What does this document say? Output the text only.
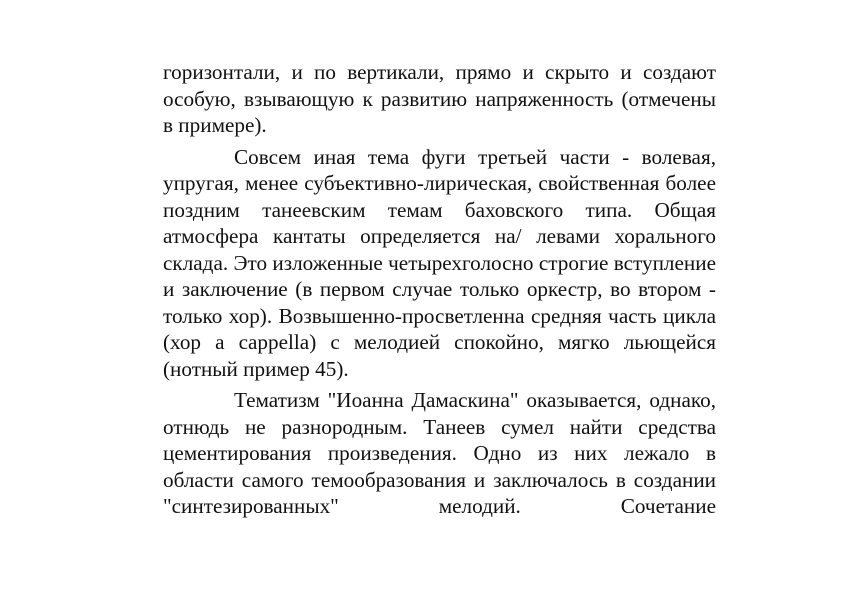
горизонтали, и по вертикали, прямо и скрыто и создают особую, взывающую к развитию напряженность (отмечены в примере).

Совсем иная тема фуги третьей части - волевая, упругая, менее субъективно-лирическая, свойственная более поздним танеевским темам баховского типа. Общая атмосфера кантаты определяется на/ левами хорального склада. Это изложенные четырехголосно строгие вступление и заключение (в первом случае только оркестр, во втором - только хор). Возвышенно-просветленна средняя часть цикла (хор a cappella) с мелодией спокойно, мягко льющейся (нотный пример 45).

Тематизм "Иоанна Дамаскина" оказывается, однако, отнюдь не разнородным. Танеев сумел найти средства цементирования произведения. Одно из них лежало в области самого темообразования и заключалось в создании "синтезированных" мелодий. Сочетание
